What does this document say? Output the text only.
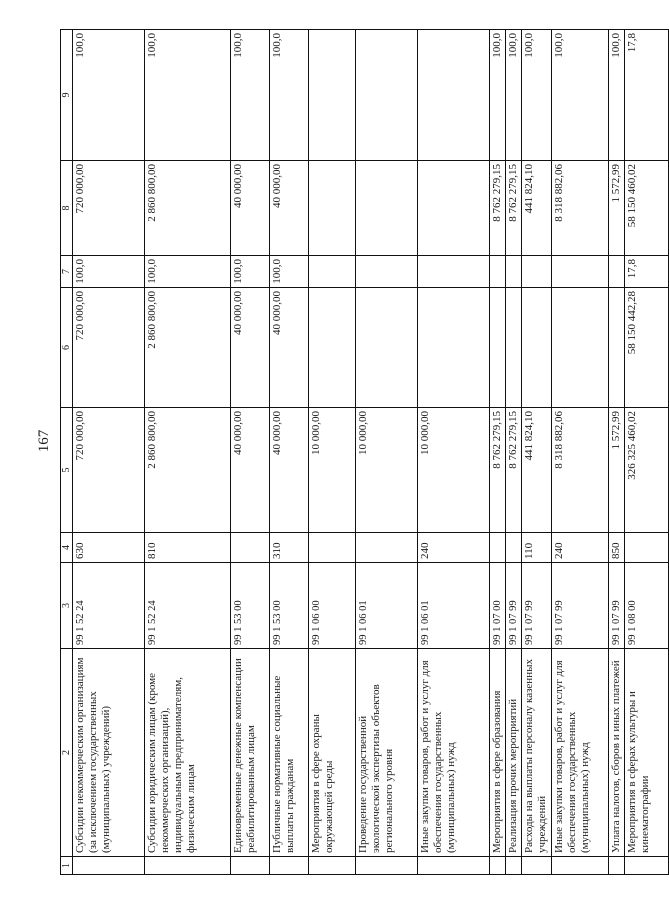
167
1	2	3	4	5	6	7	8	9
	Субсидии некоммерческим организациям (за исключением государственных (муниципальных) учреждений)	99 1 52 24	630	720 000,00	720 000,00	100,0	720 000,00	100,0
	Субсидии юридическим лицам (кроме некоммерческих организаций), индивидуальным предпринимателям, физическим лицам	99 1 52 24	810	2 860 800,00	2 860 800,00	100,0	2 860 800,00	100,0
	Единовременные денежные компенсации реабилитированным лицам	99 1 53 00		40 000,00	40 000,00	100,0	40 000,00	100,0
	Публичные нормативные социальные выплаты гражданам	99 1 53 00	310	40 000,00	40 000,00	100,0	40 000,00	100,0
	Мероприятия в сфере охраны окружающей среды	99 1 06 00		10 000,00				
	Проведение государственной экологической экспертизы объектов регионального уровня	99 1 06 01		10 000,00				
	Иные закупки товаров, работ и услуг для обеспечения государственных (муниципальных) нужд	99 1 06 01	240	10 000,00				
	Мероприятия в сфере образования	99 1 07 00		8 762 279,15			8 762 279,15	100,0
	Реализация прочих мероприятий	99 1 07 99		8 762 279,15			8 762 279,15	100,0
	Расходы на выплаты персоналу казенных учреждений	99 1 07 99	110	441 824,10			441 824,10	100,0
	Иные закупки товаров, работ и услуг для обеспечения государственных (муниципальных) нужд	99 1 07 99	240	8 318 882,06			8 318 882,06	100,0
	Уплата налогов, сборов и иных платежей	99 1 07 99	850	1 572,99			1 572,99	100,0
	Мероприятия в сферах культуры и кинематографии	99 1 08 00		326 325 460,02	58 150 442,28	17,8	58 150 460,02	17,8
